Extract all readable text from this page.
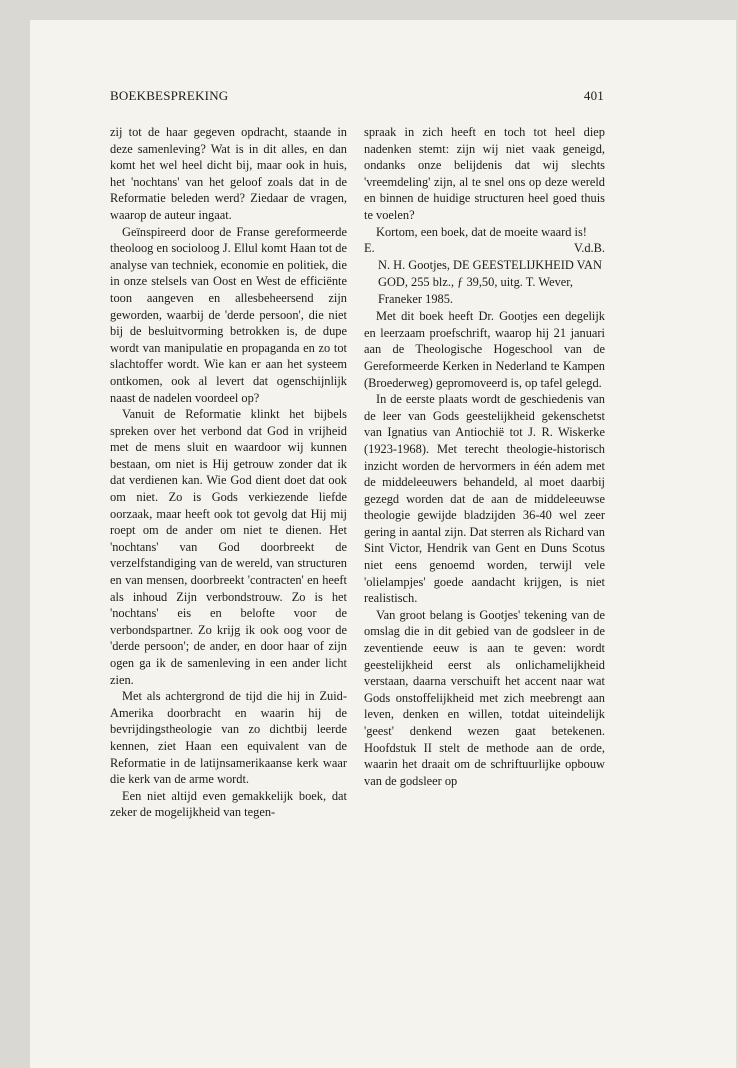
BOEKBESPREKING	401

zij tot de haar gegeven opdracht, staande in deze samenleving? Wat is in dit alles, en dan komt het wel heel dicht bij, maar ook in huis, het 'nochtans' van het geloof zoals dat in de Reformatie beleden werd? Ziedaar de vragen, waarop de auteur ingaat.

Geïnspireerd door de Franse gereformeerde theoloog en socioloog J. Ellul komt Haan tot de analyse van techniek, economie en politiek, die in onze stelsels van Oost en West de efficiënte toon aangeven en allesbeheersend zijn geworden, waarbij de 'derde persoon', die niet bij de besluitvorming betrokken is, de dupe wordt van manipulatie en propaganda en zo tot slachtoffer wordt. Wie kan er aan het systeem ontkomen, ook al levert dat ogenschijnlijk naast de nadelen voordeel op?

Vanuit de Reformatie klinkt het bijbels spreken over het verbond dat God in vrijheid met de mens sluit en waardoor wij kunnen bestaan, om niet is Hij getrouw zonder dat ik dat verdienen kan. Wie God dient doet dat ook om niet. Zo is Gods verkiezende liefde oorzaak, maar heeft ook tot gevolg dat Hij mij roept om de ander om niet te dienen. Het 'nochtans' van God doorbreekt de verzelfstandiging van de wereld, van structuren en van mensen, doorbreekt 'contracten' en heeft als inhoud Zijn verbondstrouw. Zo is het 'nochtans' eis en belofte voor de verbondspartner. Zo krijg ik ook oog voor de 'derde persoon'; de ander, en door haar of zijn ogen ga ik de samenleving in een ander licht zien.

Met als achtergrond de tijd die hij in Zuid-Amerika doorbracht en waarin hij de bevrijdingstheologie van zo dichtbij leerde kennen, ziet Haan een equivalent van de Reformatie in de latijnsamerikaanse kerk waar die kerk van de arme wordt.

Een niet altijd even gemakkelijk boek, dat zeker de mogelijkheid van tegen-

spraak in zich heeft en toch tot heel diep nadenken stemt: zijn wij niet vaak geneigd, ondanks onze belijdenis dat wij slechts 'vreemdeling' zijn, al te snel ons op deze wereld en binnen de huidige structuren heel goed thuis te voelen?

Kortom, een boek, dat de moeite waard is!

E.	V.d.B.

N. H. Gootjes, DE GEESTELIJKHEID VAN GOD, 255 blz., ƒ 39,50, uitg. T. Wever, Franeker 1985.

Met dit boek heeft Dr. Gootjes een degelijk en leerzaam proefschrift, waarop hij 21 januari aan de Theologische Hogeschool van de Gereformeerde Kerken in Nederland te Kampen (Broederweg) gepromoveerd is, op tafel gelegd.

In de eerste plaats wordt de geschiedenis van de leer van Gods geestelijkheid gekenschetst van Ignatius van Antiochië tot J. R. Wiskerke (1923-1968). Met terecht theologie-historisch inzicht worden de hervormers in één adem met de middeleeuwers behandeld, al moet daarbij gezegd worden dat de aan de middeleeuwse theologie gewijde bladzijden 36-40 wel zeer gering in aantal zijn. Dat sterren als Richard van Sint Victor, Hendrik van Gent en Duns Scotus niet eens genoemd worden, terwijl vele 'olielampjes' goede aandacht krijgen, is niet realistisch.

Van groot belang is Gootjes' tekening van de omslag die in dit gebied van de godsleer in de zeventiende eeuw is aan te geven: wordt geestelijkheid eerst als onlichamelijkheid verstaan, daarna verschuift het accent naar wat Gods onstoffelijkheid met zich meebrengt aan leven, denken en willen, totdat uiteindelijk 'geest' denkend wezen gaat betekenen. Hoofdstuk II stelt de methode aan de orde, waarin het draait om de schriftuurlijke opbouw van de godsleer op
